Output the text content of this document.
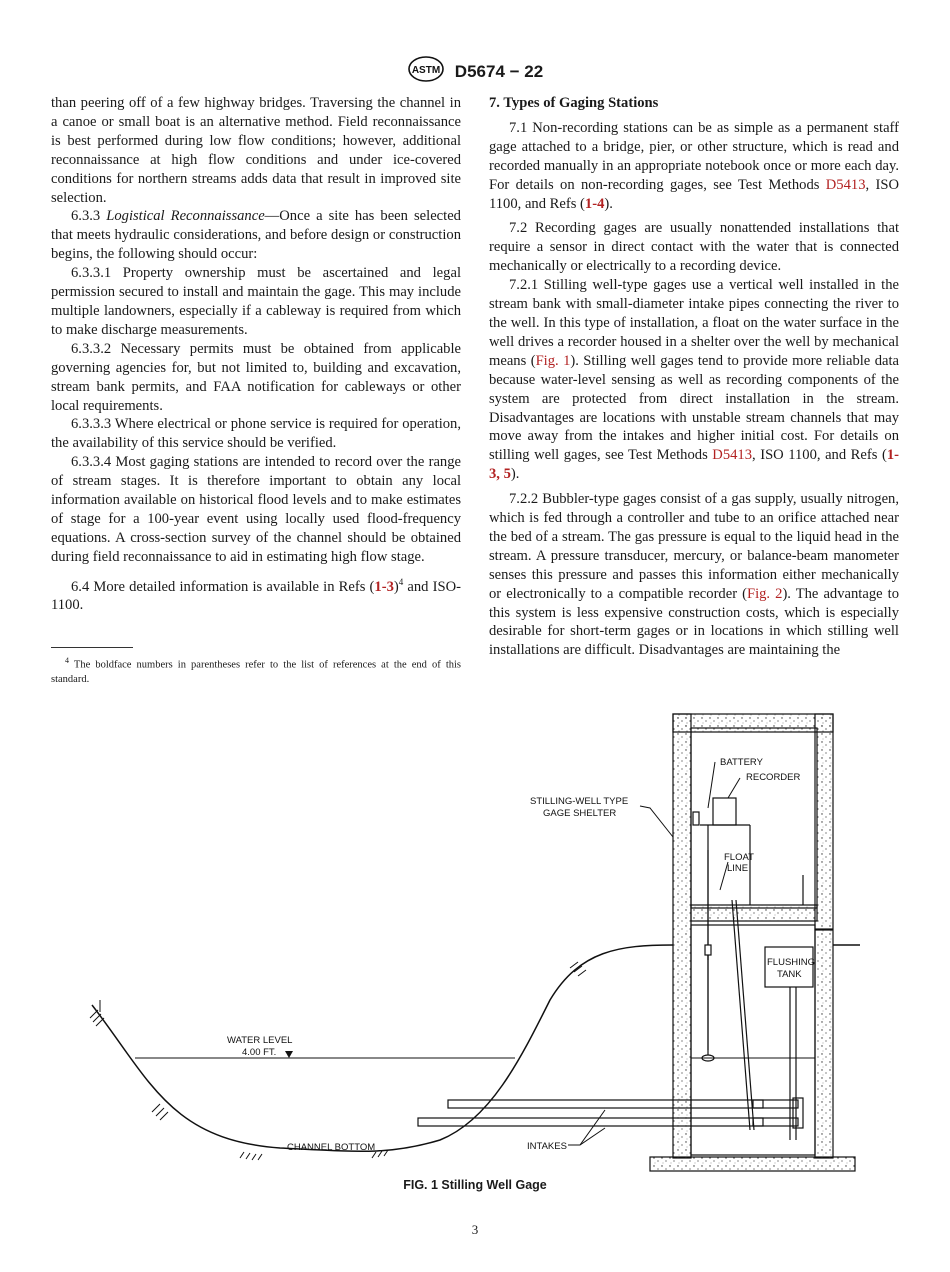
ASTM D5674 − 22

than peering off of a few highway bridges. Traversing the channel in a canoe or small boat is an alternative method. Field reconnaissance is best performed during low flow conditions; however, additional reconnaissance at high flow conditions and under ice-covered conditions for northern streams adds data that result in improved site selection.

6.3.3 Logistical Reconnaissance—Once a site has been selected that meets hydraulic considerations, and before design or construction begins, the following should occur:

6.3.3.1 Property ownership must be ascertained and legal permission secured to install and maintain the gage. This may include multiple landowners, especially if a cableway is required from which to make discharge measurements.

6.3.3.2 Necessary permits must be obtained from applicable governing agencies for, but not limited to, building and excavation, stream bank permits, and FAA notification for cableways or other local requirements.

6.3.3.3 Where electrical or phone service is required for operation, the availability of this service should be verified.

6.3.3.4 Most gaging stations are intended to record over the range of stream stages. It is therefore important to obtain any local information available on historical flood levels and to make estimates of stage for a 100-year event using locally used flood-frequency equations. A cross-section survey of the channel should be obtained during field reconnaissance to aid in estimating high flow stage.

6.4 More detailed information is available in Refs $(1-3)^4$ and ISO-1100.

$^4$ The boldface numbers in parentheses refer to the list of references at the end of this standard.

7. Types of Gaging Stations

7.1 Non-recording stations can be as simple as a permanent staff gage attached to a bridge, pier, or other structure, which is read and recorded manually in an appropriate notebook once or more each day. For details on non-recording gages, see Test Methods D5413, ISO 1100, and Refs (1-4).

7.2 Recording gages are usually nonattended installations that require a sensor in direct contact with the water that is connected mechanically or electrically to a recording device.

7.2.1 Stilling well-type gages use a vertical well installed in the stream bank with small-diameter intake pipes connecting the river to the well. In this type of installation, a float on the water surface in the well drives a recorder housed in a shelter over the well by mechanical means (Fig. 1). Stilling well gages tend to provide more reliable data because water-level sensing as well as recording components of the system are protected from direct installation in the stream. Disadvantages are locations with unstable stream channels that may move away from the intakes and higher initial cost. For details on stilling well gages, see Test Methods D5413, ISO 1100, and Refs (1-3, 5).

7.2.2 Bubbler-type gages consist of a gas supply, usually nitrogen, which is fed through a controller and tube to an orifice attached near the bed of a stream. The gas pressure is equal to the liquid head in the stream. A pressure transducer, mercury, or balance-beam manometer senses this pressure and passes this information either mechanically or electronically to a compatible recorder (Fig. 2). The advantage to this system is less expensive construction costs, which is especially desirable for short-term gages or in locations in which stilling well installations are difficult. Disadvantages are maintaining the

BATTERY
RECORDER
STILLING-WELL TYPE
GAGE SHELTER
FLOAT
LINE
FLUSHING
TANK
WATER LEVEL
4.00 FT.
CHANNEL BOTTOM	INTAKES
FIG. 1 Stilling Well Gage
3
